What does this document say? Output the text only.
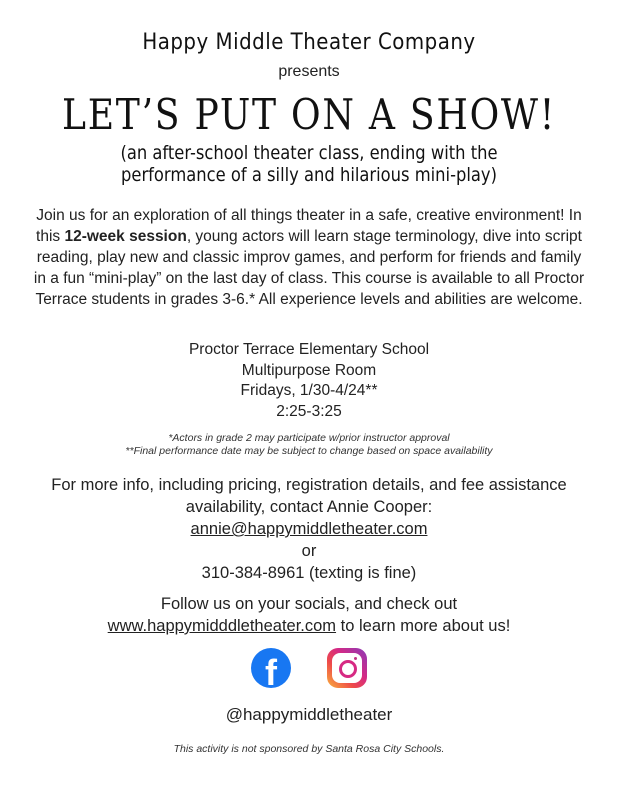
Happy Middle Theater Company
presents
LET’S PUT ON A SHOW!
(an after-school theater class, ending with the performance of a silly and hilarious mini-play)
Join us for an exploration of all things theater in a safe, creative environment! In this 12-week session, young actors will learn stage terminology, dive into script reading, play new and classic improv games, and perform for friends and family in a fun “mini-play” on the last day of class. This course is available to all Proctor Terrace students in grades 3-6.* All experience levels and abilities are welcome.
Proctor Terrace Elementary School
Multipurpose Room
Fridays, 1/30-4/24**
2:25-3:25
*Actors in grade 2 may participate w/prior instructor approval
**Final performance date may be subject to change based on space availability
For more info, including pricing, registration details, and fee assistance availability, contact Annie Cooper:
annie@happymiddletheater.com
or
310-384-8961 (texting is fine)
Follow us on your socials, and check out
www.happymidddletheater.com to learn more about us!
f
@happymiddletheater
This activity is not sponsored by Santa Rosa City Schools.
